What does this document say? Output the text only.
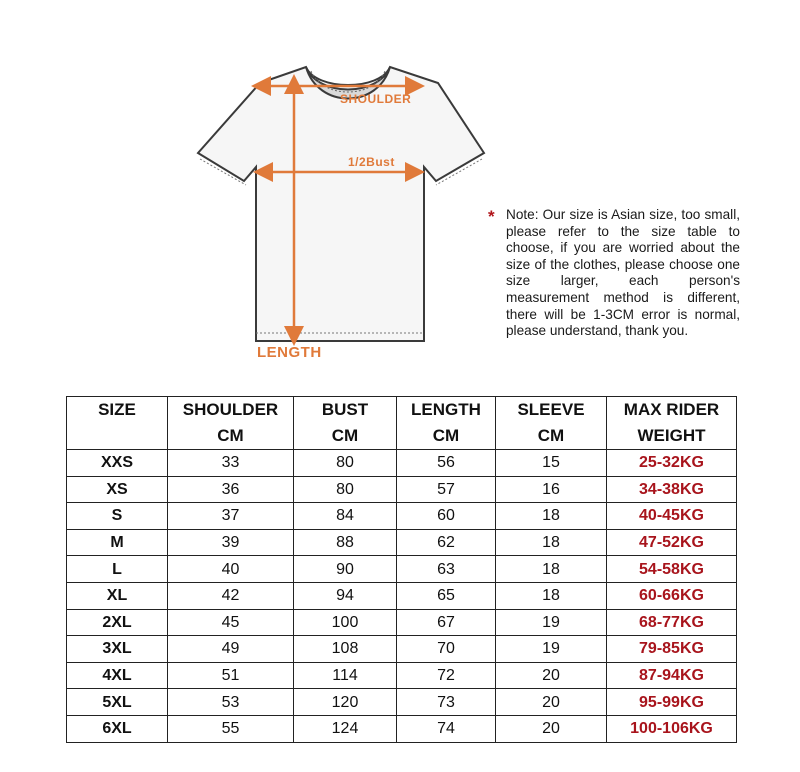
SHOULDER
1/2Bust
LENGTH
* Note: Our size is Asian size, too small, please refer to the size table to choose, if you are worried about the size of the clothes, please choose one size larger, each person's measurement method is different, there will be 1-3CM error is normal, please understand, thank you.
SIZE	SHOULDER	BUST	LENGTH	SLEEVE	MAX RIDER
	CM	CM	CM	CM	WEIGHT
XXS	33	80	56	15	25-32KG
XS	36	80	57	16	34-38KG
S	37	84	60	18	40-45KG
M	39	88	62	18	47-52KG
L	40	90	63	18	54-58KG
XL	42	94	65	18	60-66KG
2XL	45	100	67	19	68-77KG
3XL	49	108	70	19	79-85KG
4XL	51	114	72	20	87-94KG
5XL	53	120	73	20	95-99KG
6XL	55	124	74	20	100-106KG
